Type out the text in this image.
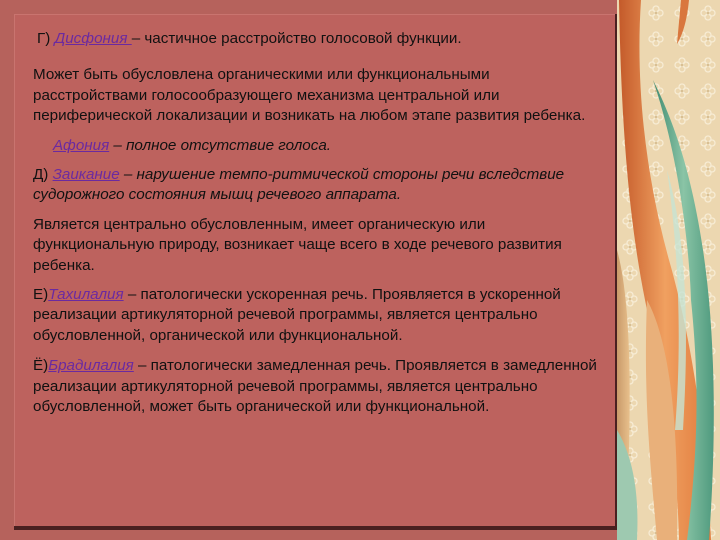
Г) Дисфония – частичное расстройство голосовой функции.

Может быть обусловлена органическими или функциональными расстройствами голосообразующего механизма центральной или периферической локализации и возникать на любом этапе развития ребенка.

Афония – полное отсутствие голоса.

Д) Заикание – нарушение темпо-ритмической стороны речи вследствие судорожного состояния мышц речевого аппарата.

Является центрально обусловленным, имеет органическую или функциональную природу, возникает чаще всего в ходе речевого развития ребенка.

Е)Тахилалия – патологически ускоренная речь. Проявляется в ускоренной реализации артикуляторной речевой программы, является центрально обусловленной, органической или функциональной.

Ё)Брадилалия – патологически замедленная речь. Проявляется в замедленной реализации артикуляторной речевой программы, является центрально обусловленной, может быть органической или функциональной.
